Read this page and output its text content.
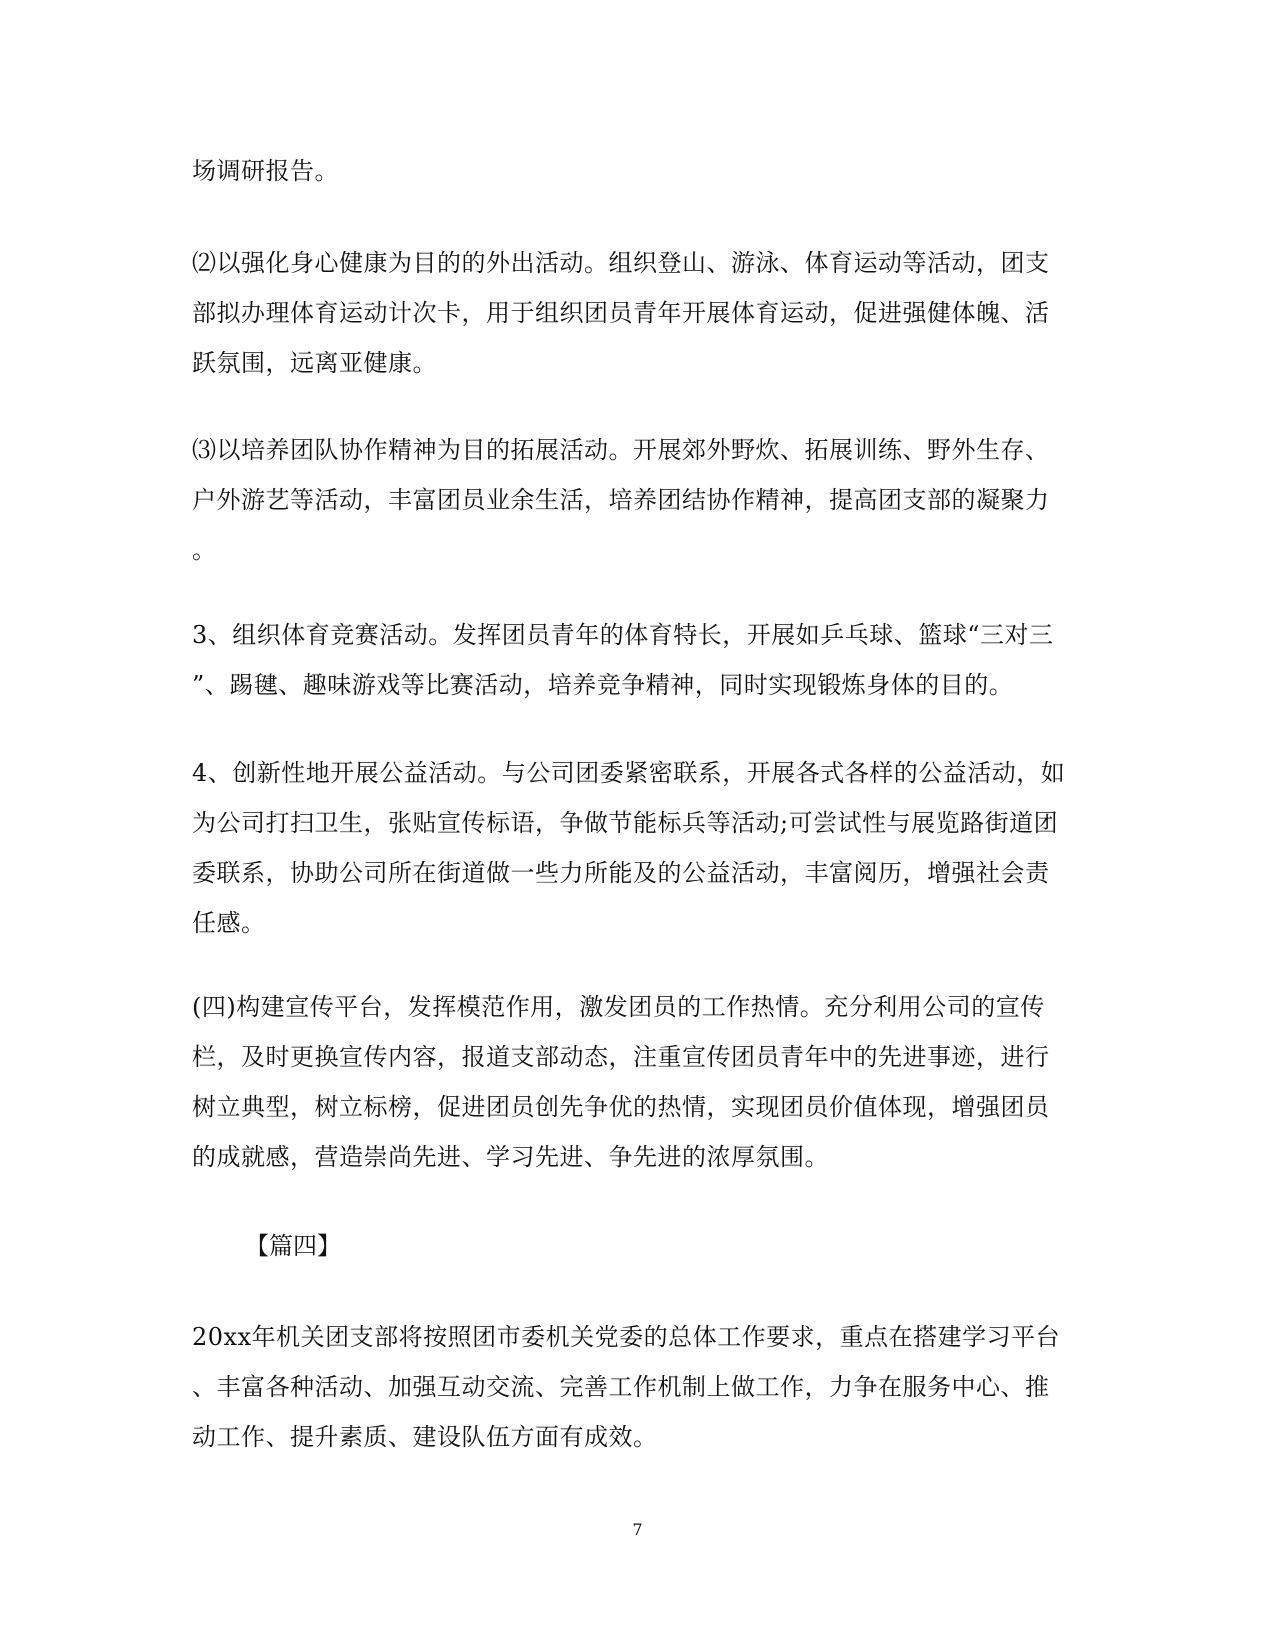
场调研报告。
⑵以强化身心健康为目的的外出活动。组织登山、游泳、体育运动等活动，团支
部拟办理体育运动计次卡，用于组织团员青年开展体育运动，促进强健体魄、活
跃氛围，远离亚健康。
⑶以培养团队协作精神为目的拓展活动。开展郊外野炊、拓展训练、野外生存、
户外游艺等活动，丰富团员业余生活，培养团结协作精神，提高团支部的凝聚力
。
3、组织体育竞赛活动。发挥团员青年的体育特长，开展如乒乓球、篮球“三对三
”、踢毽、趣味游戏等比赛活动，培养竞争精神，同时实现锻炼身体的目的。
4、创新性地开展公益活动。与公司团委紧密联系，开展各式各样的公益活动，如
为公司打扫卫生，张贴宣传标语，争做节能标兵等活动;可尝试性与展览路街道团
委联系，协助公司所在街道做一些力所能及的公益活动，丰富阅历，增强社会责
任感。
(四)构建宣传平台，发挥模范作用，激发团员的工作热情。充分利用公司的宣传
栏，及时更换宣传内容，报道支部动态，注重宣传团员青年中的先进事迹，进行
树立典型，树立标榜，促进团员创先争优的热情，实现团员价值体现，增强团员
的成就感，营造崇尚先进、学习先进、争先进的浓厚氛围。
【篇四】
20xx年机关团支部将按照团市委机关党委的总体工作要求，重点在搭建学习平台
、丰富各种活动、加强互动交流、完善工作机制上做工作，力争在服务中心、推
动工作、提升素质、建设队伍方面有成效。
7
